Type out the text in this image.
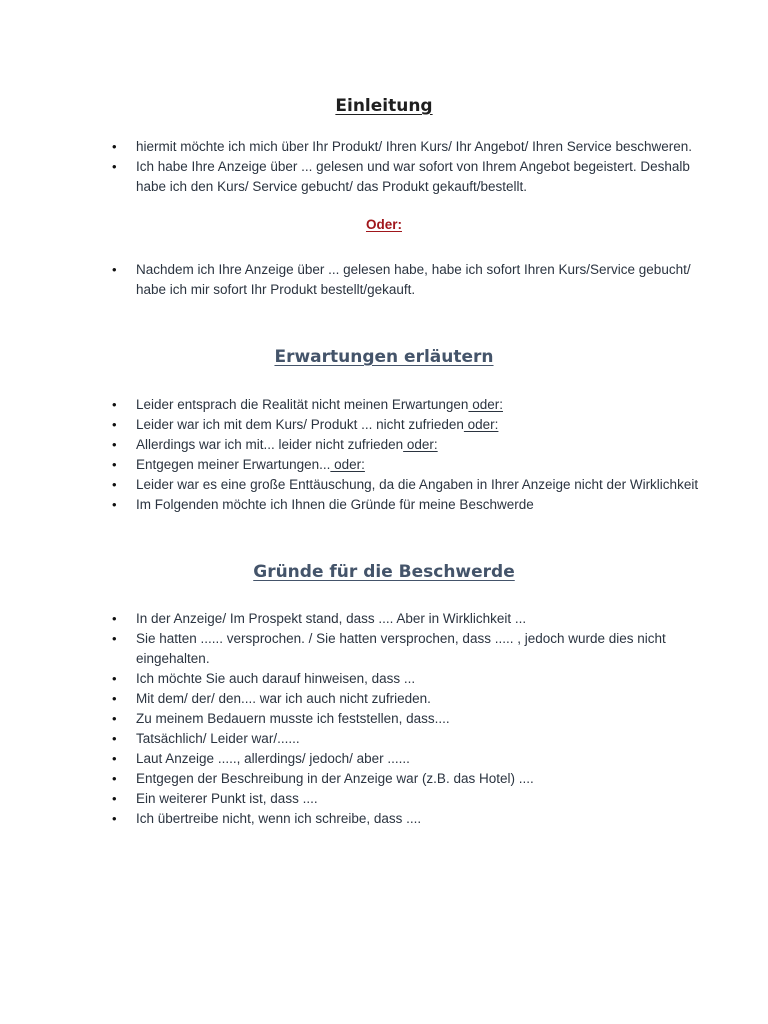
Einleitung
• hiermit möchte ich mich über Ihr Produkt/ Ihren Kurs/ Ihr Angebot/ Ihren Service beschweren.
• Ich habe Ihre Anzeige über ... gelesen und war sofort von Ihrem Angebot begeistert. Deshalb habe ich den Kurs/ Service gebucht/ das Produkt gekauft/bestellt.
Oder:
• Nachdem ich Ihre Anzeige über ... gelesen habe, habe ich sofort Ihren Kurs/Service gebucht/ habe ich mir sofort Ihr Produkt bestellt/gekauft.
Erwartungen erläutern
• Leider entsprach die Realität nicht meinen Erwartungen oder:
• Leider war ich mit dem Kurs/ Produkt ... nicht zufrieden oder:
• Allerdings war ich mit... leider nicht zufrieden oder:
• Entgegen meiner Erwartungen... oder:
• Leider war es eine große Enttäuschung, da die Angaben in Ihrer Anzeige nicht der Wirklichkeit
• Im Folgenden möchte ich Ihnen die Gründe für meine Beschwerde
Gründe für die Beschwerde
• In der Anzeige/ Im Prospekt stand, dass .... Aber in Wirklichkeit ...
• Sie hatten ...... versprochen. / Sie hatten versprochen, dass ..... , jedoch wurde dies nicht eingehalten.
• Ich möchte Sie auch darauf hinweisen, dass ...
• Mit dem/ der/ den.... war ich auch nicht zufrieden.
• Zu meinem Bedauern musste ich feststellen, dass....
• Tatsächlich/ Leider war/......
• Laut Anzeige ....., allerdings/ jedoch/ aber ......
• Entgegen der Beschreibung in der Anzeige war (z.B. das Hotel) ....
• Ein weiterer Punkt ist, dass ....
• Ich übertreibe nicht, wenn ich schreibe, dass ....
